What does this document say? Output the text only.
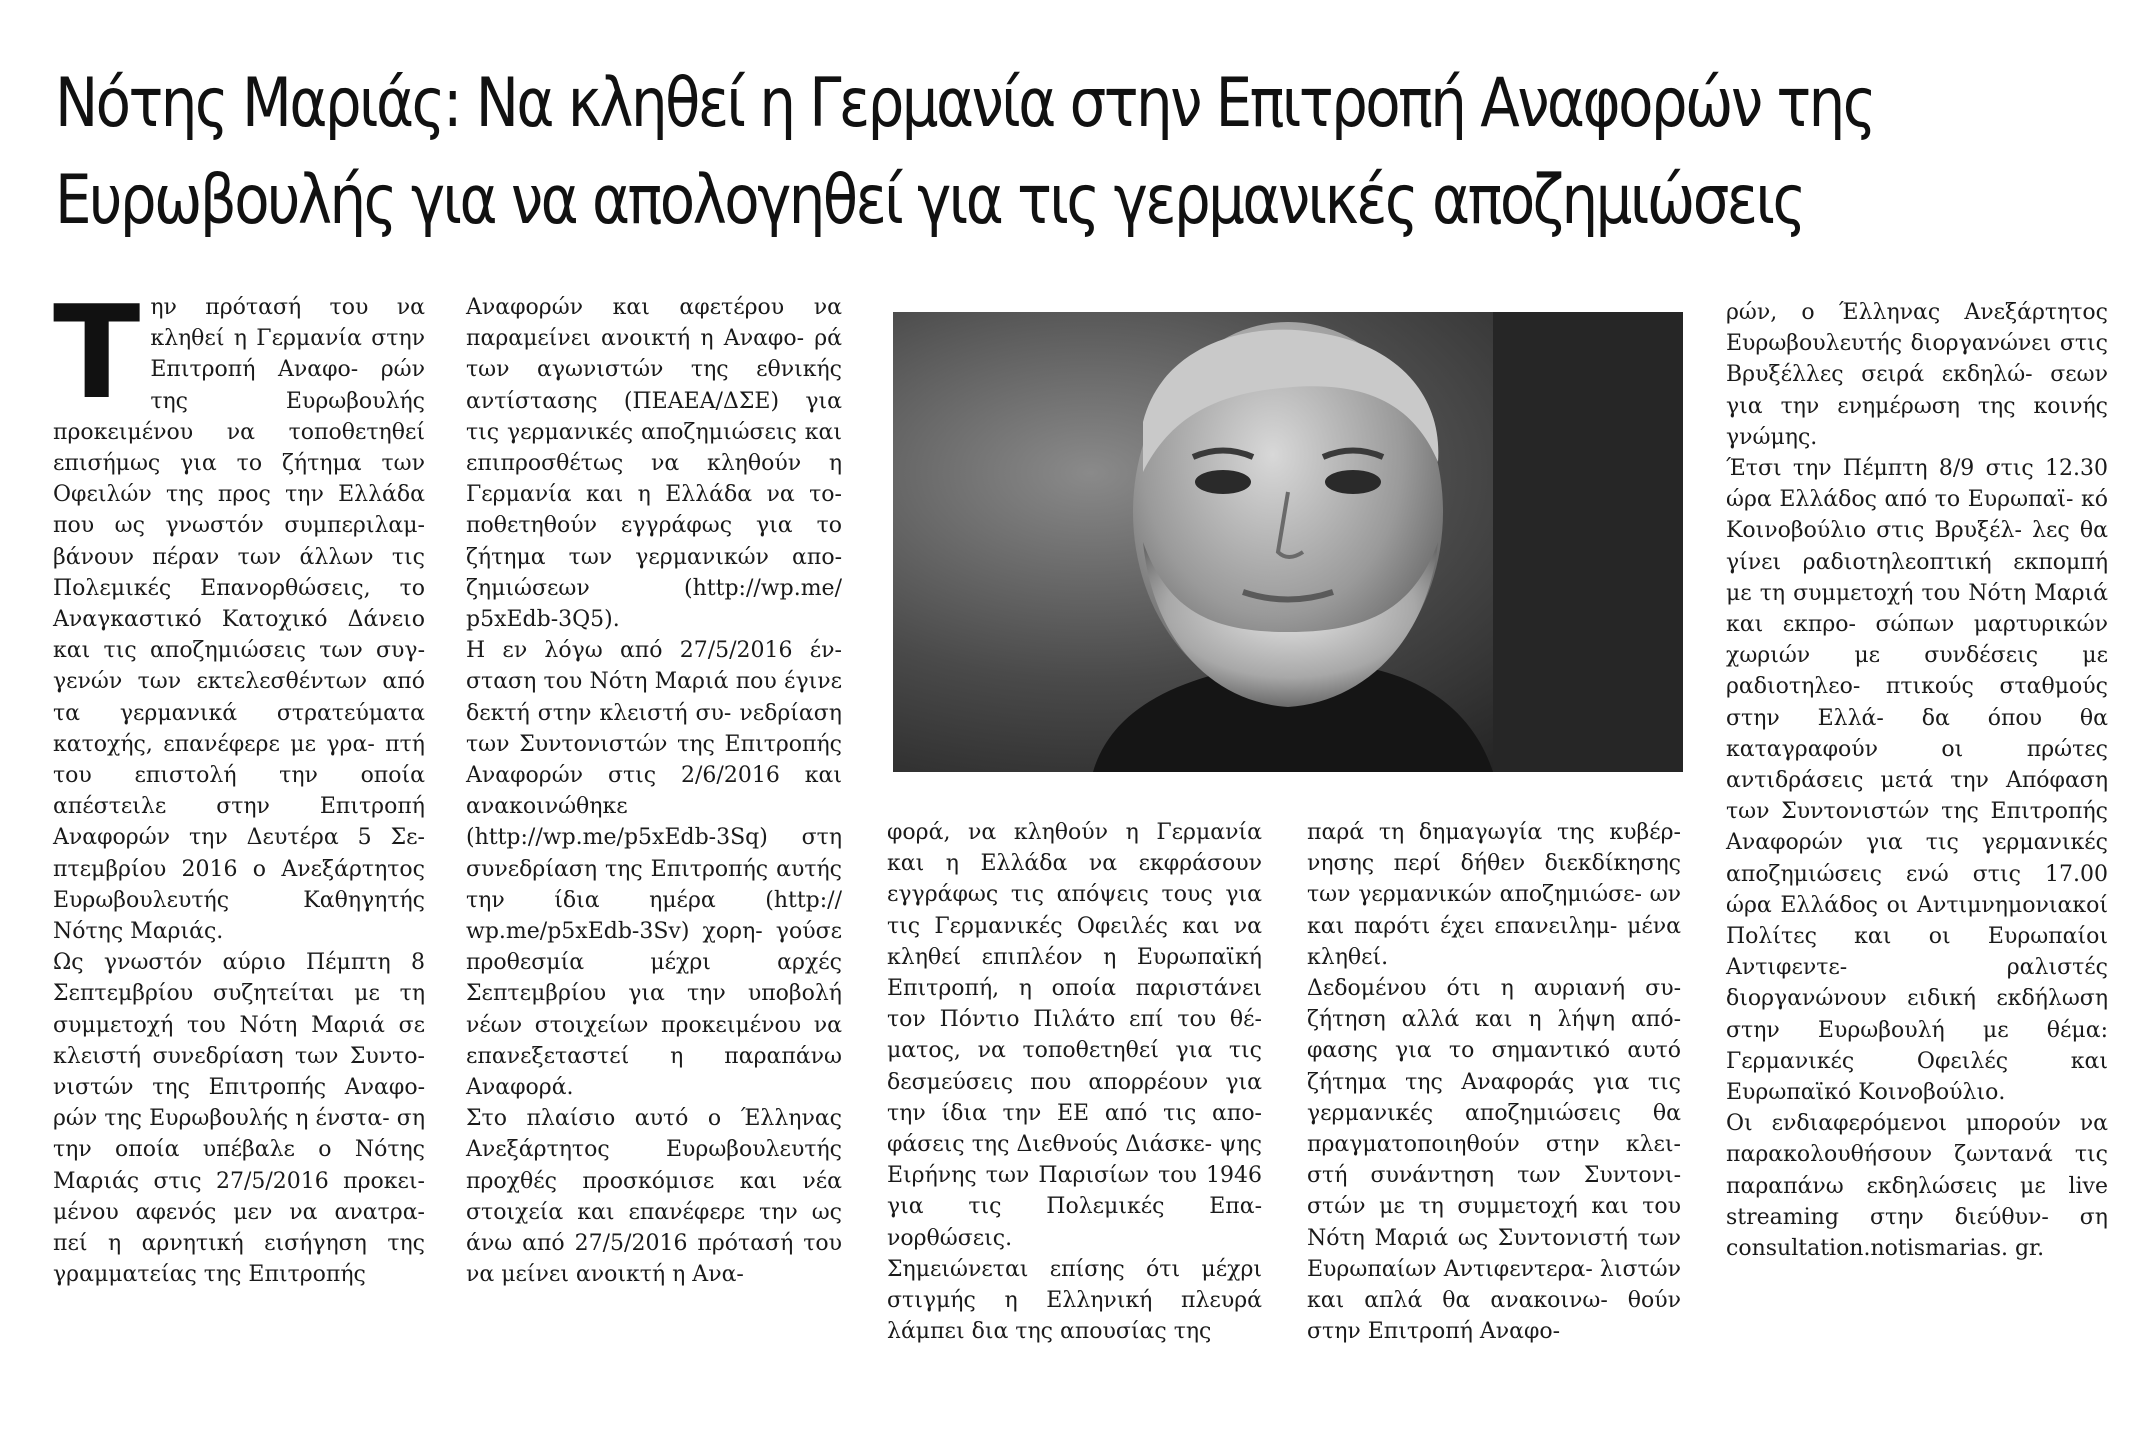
Νότης Μαριάς: Να κληθεί η Γερμανία στην Επιτροπή Αναφορών της
Ευρωβουλής για να απολογηθεί για τις γερμανικές αποζημιώσεις
Τ ην πρότασή του να κληθεί η Γερμανία στην Επιτροπή Αναφο- ρών της Ευρωβουλής προκειμένου να τοποθετηθεί επισήμως για το ζήτημα των Οφειλών της προς την Ελλάδα που ως γνωστόν συμπεριλαμ- βάνουν πέραν των άλλων τις Πολεμικές Επανορθώσεις, το Αναγκαστικό Κατοχικό Δάνειο και τις αποζημιώσεις των συγ- γενών των εκτελεσθέντων από τα γερμανικά στρατεύματα κατοχής, επανέφερε με γρα- πτή του επιστολή την οποία απέστειλε στην Επιτροπή Αναφορών την Δευτέρα 5 Σε- πτεμβρίου 2016 ο Ανεξάρτητος Ευρωβουλευτής Καθηγητής Νότης Μαριάς.

Ως γνωστόν αύριο Πέμπτη 8 Σεπτεμβρίου συζητείται με τη συμμετοχή του Νότη Μαριά σε κλειστή συνεδρίαση των Συντο- νιστών της Επιτροπής Αναφο- ρών της Ευρωβουλής η ένστα- ση την οποία υπέβαλε ο Νότης Μαριάς στις 27/5/2016 προκει- μένου αφενός μεν να ανατρα- πεί η αρνητική εισήγηση της γραμματείας της Επιτροπής

Αναφορών και αφετέρου να παραμείνει ανοικτή η Αναφο- ρά των αγωνιστών της εθνικής αντίστασης (ΠΕΑΕΑ/ΔΣΕ) για τις γερμανικές αποζημιώσεις και επιπροσθέτως να κληθούν η Γερμανία και η Ελλάδα να το- ποθετηθούν εγγράφως για το ζήτημα των γερμανικών απο- ζημιώσεων (http://wp.me/ p5xEdb-3Q5).

Η εν λόγω από 27/5/2016 έν- σταση του Νότη Μαριά που έγινε δεκτή στην κλειστή συ- νεδρίαση των Συντονιστών της Επιτροπής Αναφορών στις 2/6/2016 και ανακοινώθηκε (http://wp.me/p5xEdb-3Sq) στη συνεδρίαση της Επιτροπής αυτής την ίδια ημέρα (http:// wp.me/p5xEdb-3Sv) χορη- γούσε προθεσμία μέχρι αρχές Σεπτεμβρίου για την υποβολή νέων στοιχείων προκειμένου να επανεξεταστεί η παραπάνω Αναφορά.

Στο πλαίσιο αυτό ο Έλληνας Ανεξάρτητος Ευρωβουλευτής προχθές προσκόμισε και νέα στοιχεία και επανέφερε την ως άνω από 27/5/2016 πρότασή του να μείνει ανοικτή η Ανα-

φορά, να κληθούν η Γερμανία και η Ελλάδα να εκφράσουν εγγράφως τις απόψεις τους για τις Γερμανικές Οφειλές και να κληθεί επιπλέον η Ευρωπαϊκή Επιτροπή, η οποία παριστάνει τον Πόντιο Πιλάτο επί του θέ- ματος, να τοποθετηθεί για τις δεσμεύσεις που απορρέουν για την ίδια την ΕΕ από τις απο- φάσεις της Διεθνούς Διάσκε- ψης Ειρήνης των Παρισίων του 1946 για τις Πολεμικές Επα- νορθώσεις.

Σημειώνεται επίσης ότι μέχρι στιγμής η Ελληνική πλευρά λάμπει δια της απουσίας της

παρά τη δημαγωγία της κυβέρ- νησης περί δήθεν διεκδίκησης των γερμανικών αποζημιώσε- ων και παρότι έχει επανειλημ- μένα κληθεί.

Δεδομένου ότι η αυριανή συ- ζήτηση αλλά και η λήψη από- φασης για το σημαντικό αυτό ζήτημα της Αναφοράς για τις γερμανικές αποζημιώσεις θα πραγματοποιηθούν στην κλει- στή συνάντηση των Συντονι- στών με τη συμμετοχή και του Νότη Μαριά ως Συντονιστή των Ευρωπαίων Αντιφεντερα- λιστών και απλά θα ανακοινω- θούν στην Επιτροπή Αναφο-

ρών, ο Έλληνας Ανεξάρτητος Ευρωβουλευτής διοργανώνει στις Βρυξέλλες σειρά εκδηλώ- σεων για την ενημέρωση της κοινής γνώμης.

Έτσι την Πέμπτη 8/9 στις 12.30 ώρα Ελλάδος από το Ευρωπαϊ- κό Κοινοβούλιο στις Βρυξέλ- λες θα γίνει ραδιοτηλεοπτική εκπομπή με τη συμμετοχή του Νότη Μαριά και εκπρο- σώπων μαρτυρικών χωριών με συνδέσεις με ραδιοτηλεο- πτικούς σταθμούς στην Ελλά- δα όπου θα καταγραφούν οι πρώτες αντιδράσεις μετά την Απόφαση των Συντονιστών της Επιτροπής Αναφορών για τις γερμανικές αποζημιώσεις ενώ στις 17.00 ώρα Ελλάδος οι Αντιμνημονιακοί Πολίτες και οι Ευρωπαίοι Αντιφεντε- ραλιστές διοργανώνουν ειδική εκδήλωση στην Ευρωβουλή με θέμα: Γερμανικές Οφειλές και Ευρωπαϊκό Κοινοβούλιο.

Οι ενδιαφερόμενοι μπορούν να παρακολουθήσουν ζωντανά τις παραπάνω εκδηλώσεις με live streaming στην διεύθυν- ση consultation.notismarias. gr.
